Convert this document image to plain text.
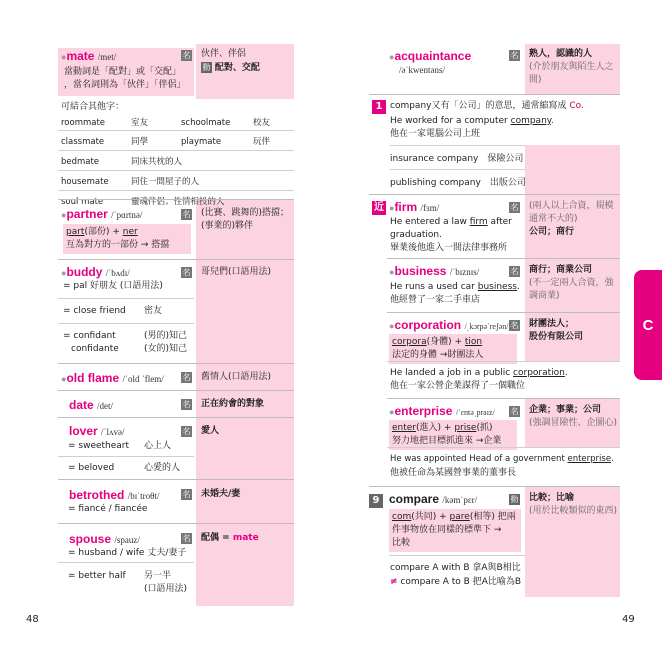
●mate /met/	名 伙伴、伴侶
動 配對、交配
當動詞是「配對」或「交配」
，當名詞則為「伙伴」「伴侶」
可結合其他字：
roommate	室友	schoolmate	校友
classmate	同學	playmate	玩伴
bedmate	同床共枕的人
housemate	同住一間屋子的人
soul mate	靈魂伴侶；性情相投的人
●partner /ˈpɑrtnə/	名 (比賽、跳舞的)搭擋；
(事業的)夥伴
part(部份) + ner
互為對方的一部份 → 搭擋
●buddy /ˈbʌdɪ/	名 哥兒們(口語用法)
= pal 好朋友 (口語用法)
= close friend 密友
= confidant	(男的)知己
confidante	(女的)知己
●old flame /ˈold ˈflem/ 名 舊情人(口語用法)
date /det/	名 正在約會的對象
lover /ˈlʌvə/	名 愛人
= sweetheart 心上人
= beloved	心愛的人
betrothed /bɪˈtroθt/	名 未婚夫/妻
= fiancé / fiancée
spouse /spauz/	名 配偶 = mate
= husband / wife 丈夫/妻子
= better half 另一半
(口語用法)
●acquaintance
/əˈkwentəns/
名 熟人，認識的人
(介於朋友與陌生人之
間)
1 company又有「公司」的意思，通常縮寫成 Co.
He worked for a computer company.
他在一家電腦公司上班
insurance company　 保險公司
publishing company　 出版公司
近 ●firm /fɜm/	名 (兩人以上合資，規模
通常不大的)
公司；商行
He entered a law firm after
graduation.
畢業後他進入一間法律事務所
●business /ˈbɪznɪs/	名 商行；商業公司
(不一定兩人合資，強
調商業)
He runs a used car business.
他經營了一家二手車店
●corporation /ˌkɔrpəˈreʃən/ 名 財團法人；
股份有限公司
corpora(身體) + tion
法定的身體 →財團法人
He landed a job in a public corporation.
他在一家公營企業謀得了一個職位
●enterprise /ˈɛntəˌpraɪz/ 名 企業；事業；公司
(強調冒險性、企圖心)
enter(進入) + prise(抓)
努力地把目標抓進來 →企業
He was appointed Head of a government enterprise.
他被任命為某國營事業的董事長
9 compare /kəmˈpɛr/	動 比較；比喻
(用於比較類似的東西)
com(共同) + pare(相等) 把兩
件事物放在同樣的標準下 →
比較
compare A with B 拿A與B相比
≠ compare A to B 把A比喻為B
C
48	49
